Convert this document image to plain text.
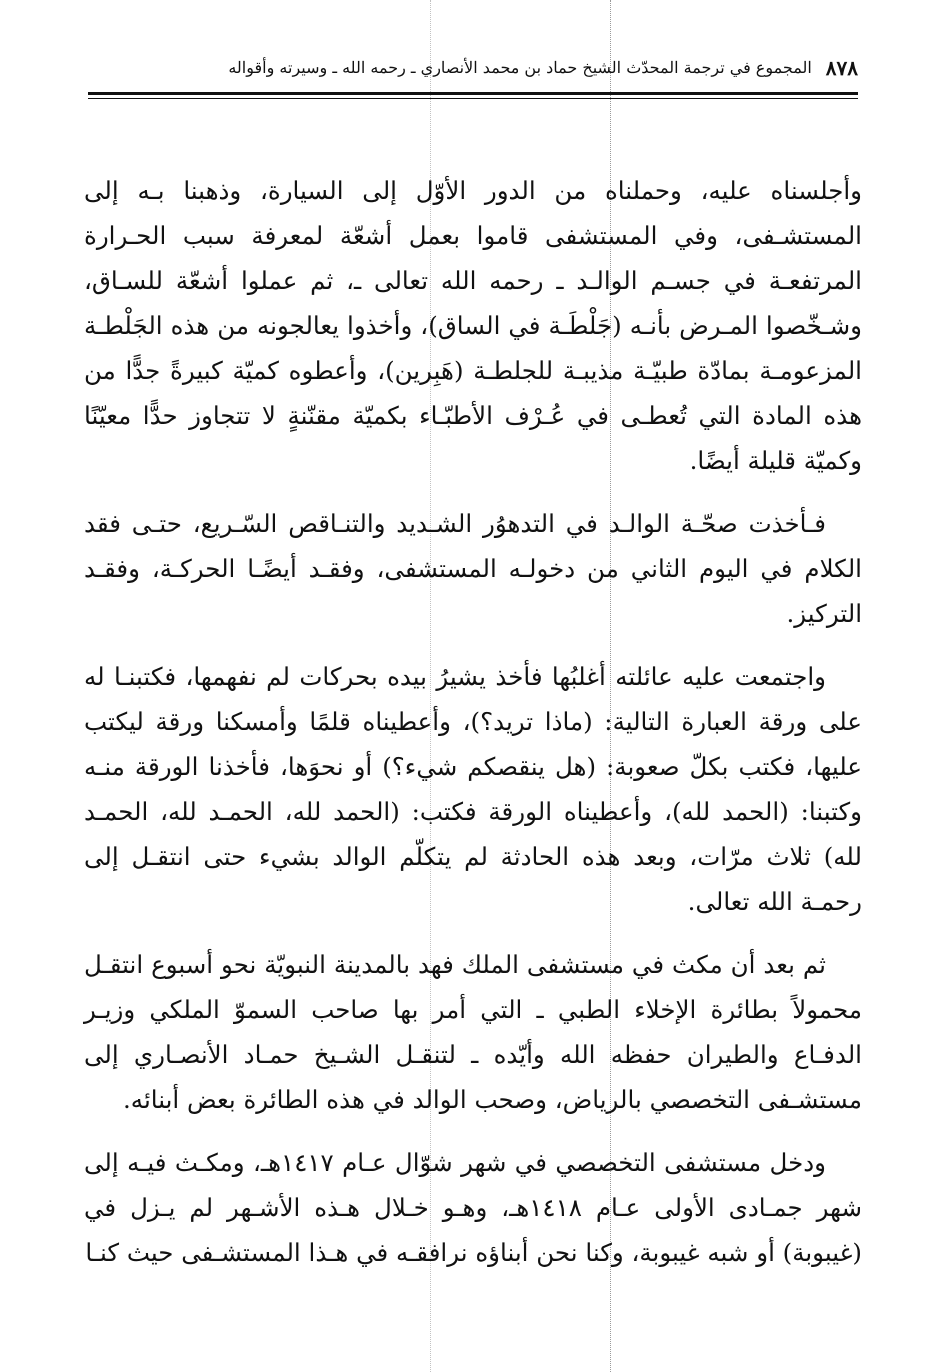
٨٧٨
المجموع في ترجمة المحدّث الشيخ حماد بن محمد الأنصاري ـ رحمه الله ـ وسيرته وأقواله

وأجلسناه عليه، وحملناه من الدور الأوّل إلى السيارة، وذهبنا بـه إلى المستشـفى، وفي المستشفى قاموا بعمل أشعّة لمعرفة سبب الحـرارة المرتفعـة في جسـم الوالـد ـ رحمه الله تعالى ـ، ثم عملوا أشعّة للسـاق، وشـخّصوا المـرض بأنـه (جَلْطَـة في الساق)، وأخذوا يعالجونه من هذه الجَلْطـة المزعومـة بمادّة طبيّـة مذيبـة للجلطـة (هَبِرين)، وأعطوه كميّة كبيرةً جدًّا من هذه المادة التي تُعطـى في عُـرْف الأطبّـاء بكميّة مقنّنةٍ لا تتجاوز حدًّا معيّنًا وكميّة قليلة أيضًا.

فـأخذت صحّـة الوالـد في التدهوُر الشـديد والتنـاقص السّـريع، حتـى فقد الكلام في اليوم الثاني من دخولـه المستشفى، وفقـد أيضًـا الحركـة، وفقـد التركيز.

واجتمعت عليه عائلته أغلبُها فأخذ يشيرُ بيده بحركات لم نفهمها، فكتبنـا له على ورقة العبارة التالية: (ماذا تريد؟)، وأعطيناه قلمًا وأمسكنا ورقة ليكتب عليها، فكتب بكلّ صعوبة: (هل ينقصكم شيء؟) أو نحوَها، فأخذنا الورقة منـه وكتبنا: (الحمد لله)، وأعطيناه الورقة فكتب: (الحمد لله، الحمـد لله، الحمـد لله) ثلاث مرّات، وبعد هذه الحادثة لم يتكلّم الوالد بشيء حتى انتقـل إلى رحمـة الله تعالى.

ثم بعد أن مكث في مستشفى الملك فهد بالمدينة النبويّة نحو أسبوع انتقـل محمولاً بطائرة الإخلاء الطبي ـ التي أمر بها صاحب السموّ الملكي وزيـر الدفـاع والطيران حفظه الله وأيّده ـ لتنقـل الشـيخ حمـاد الأنصـاري إلى مستشـفى التخصصي بالرياض، وصحب الوالد في هذه الطائرة بعض أبنائه.

ودخل مستشفى التخصصي في شهر شوّال عـام ١٤١٧هـ، ومكـث فيـه إلى شهر جمـادى الأولى عـام ١٤١٨هـ، وهـو خـلال هـذه الأشـهر لم يـزل في (غيبوبة) أو شبه غيبوبة، وكنا نحن أبناؤه نرافقـه في هـذا المستشـفى حيث كنـا
